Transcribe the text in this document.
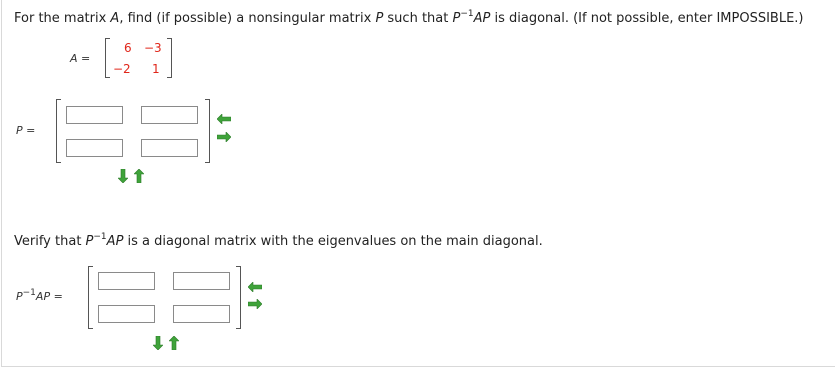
For the matrix A, find (if possible) a nonsingular matrix P such that $P^{-1}AP$ is diagonal. (If not possible, enter IMPOSSIBLE.)
A =
6 −3
−2 1
P =
Verify that $P^{-1}AP$ is a diagonal matrix with the eigenvalues on the main diagonal.
$P^{-1}AP$ =
